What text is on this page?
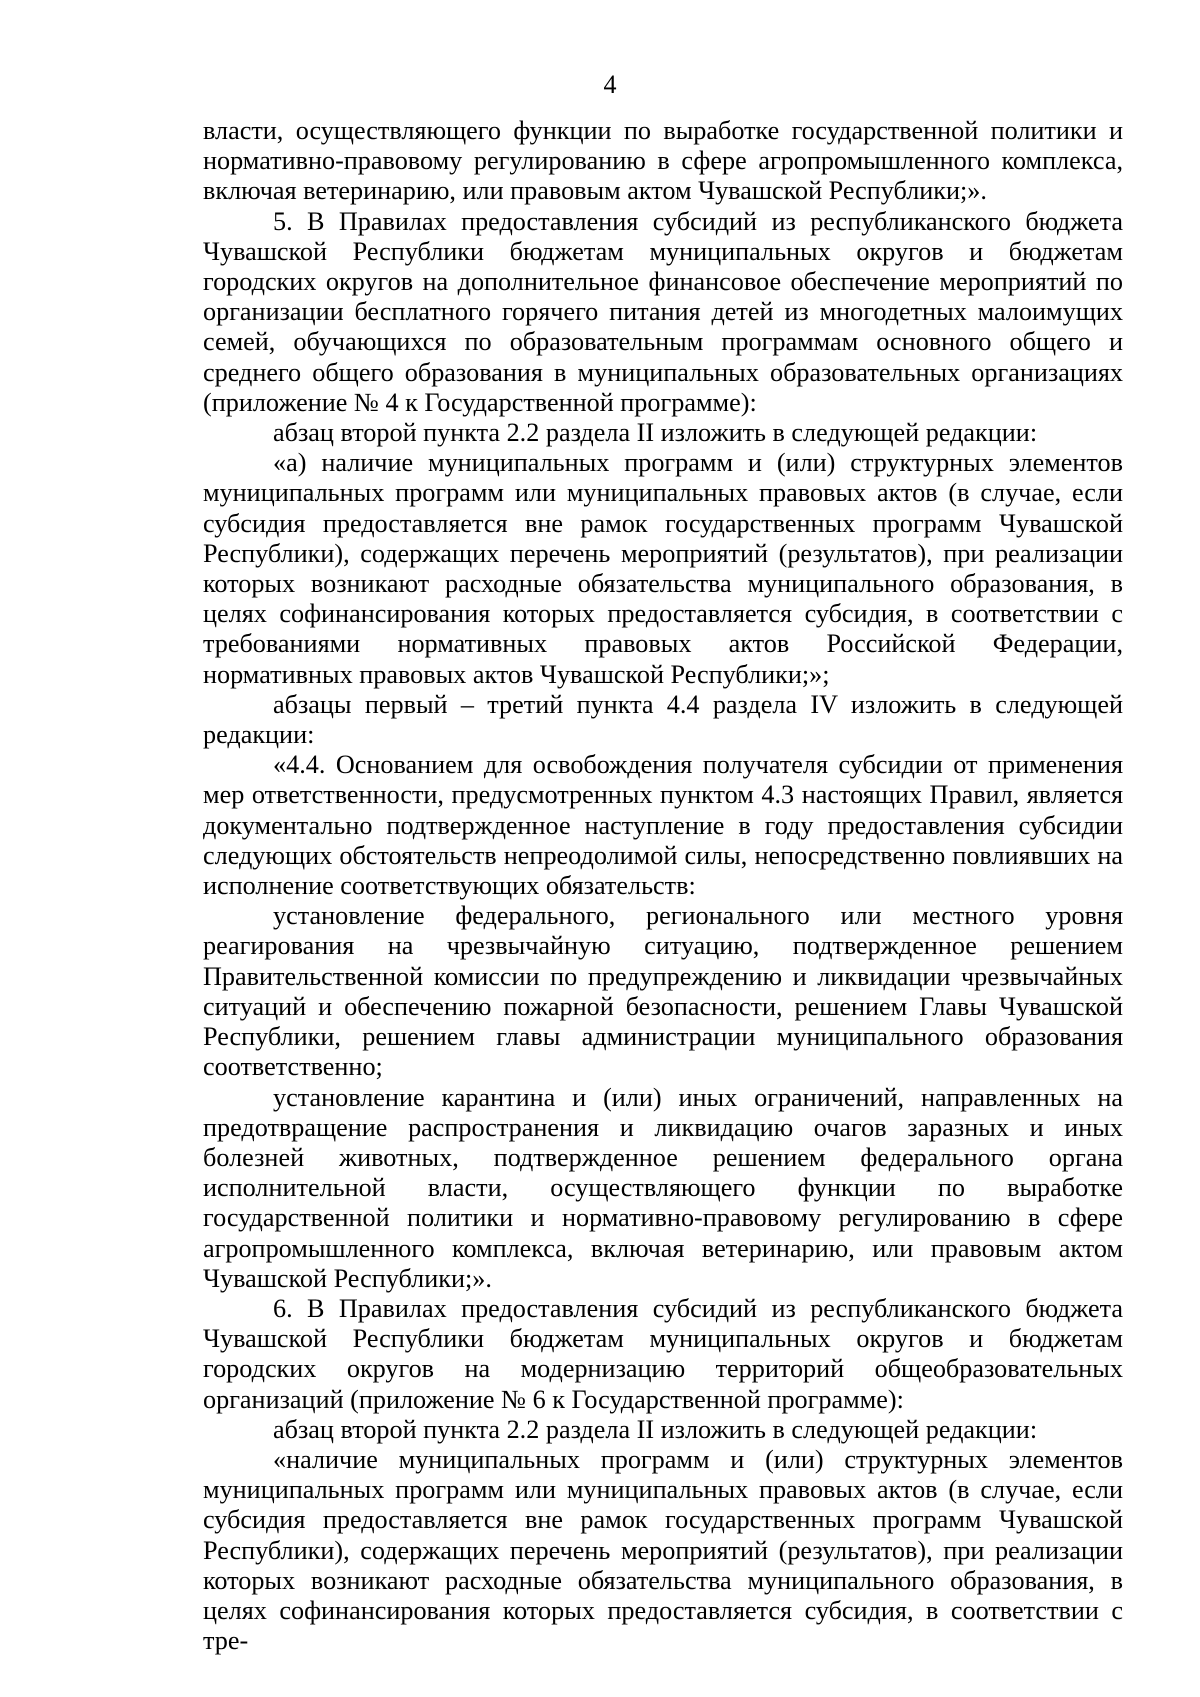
4

власти, осуществляющего функции по выработке государственной политики и нормативно-правовому регулированию в сфере агропромышленного комплекса, включая ветеринарию, или правовым актом Чувашской Республики;».

5. В Правилах предоставления субсидий из республиканского бюджета Чувашской Республики бюджетам муниципальных округов и бюджетам городских округов на дополнительное финансовое обеспечение мероприятий по организации бесплатного горячего питания детей из многодетных малоимущих семей, обучающихся по образовательным программам основного общего и среднего общего образования в муниципальных образовательных организациях (приложение № 4 к Государственной программе):

абзац второй пункта 2.2 раздела II изложить в следующей редакции:

«а) наличие муниципальных программ и (или) структурных элементов муниципальных программ или муниципальных правовых актов (в случае, если субсидия предоставляется вне рамок государственных программ Чувашской Республики), содержащих перечень мероприятий (результатов), при реализации которых возникают расходные обязательства муниципального образования, в целях софинансирования которых предоставляется субсидия, в соответствии с требованиями нормативных правовых актов Российской Федерации, нормативных правовых актов Чувашской Республики;»;

абзацы первый – третий пункта 4.4 раздела IV изложить в следующей редакции:

«4.4. Основанием для освобождения получателя субсидии от применения мер ответственности, предусмотренных пунктом 4.3 настоящих Правил, является документально подтвержденное наступление в году предоставления субсидии следующих обстоятельств непреодолимой силы, непосредственно повлиявших на исполнение соответствующих обязательств:

установление федерального, регионального или местного уровня реагирования на чрезвычайную ситуацию, подтвержденное решением Правительственной комиссии по предупреждению и ликвидации чрезвычайных ситуаций и обеспечению пожарной безопасности, решением Главы Чувашской Республики, решением главы администрации муниципального образования соответственно;

установление карантина и (или) иных ограничений, направленных на предотвращение распространения и ликвидацию очагов заразных и иных болезней животных, подтвержденное решением федерального органа исполнительной власти, осуществляющего функции по выработке государственной политики и нормативно-правовому регулированию в сфере агропромышленного комплекса, включая ветеринарию, или правовым актом Чувашской Республики;».

6. В Правилах предоставления субсидий из республиканского бюджета Чувашской Республики бюджетам муниципальных округов и бюджетам городских округов на модернизацию территорий общеобразовательных организаций (приложение № 6 к Государственной программе):

абзац второй пункта 2.2 раздела II изложить в следующей редакции:

«наличие муниципальных программ и (или) структурных элементов муниципальных программ или муниципальных правовых актов (в случае, если субсидия предоставляется вне рамок государственных программ Чувашской Республики), содержащих перечень мероприятий (результатов), при реализации которых возникают расходные обязательства муниципального образования, в целях софинансирования которых предоставляется субсидия, в соответствии с тре-
